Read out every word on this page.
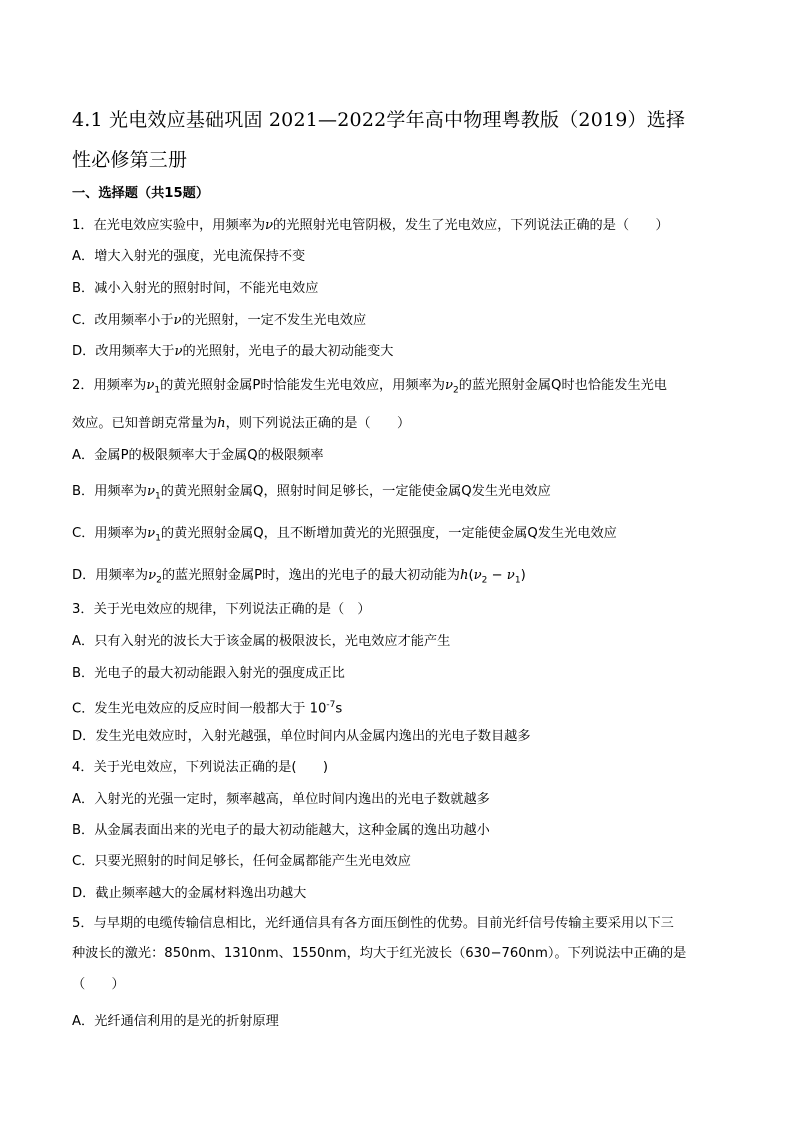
4.1 光电效应基础巩固 2021—2022学年高中物理粤教版（2019）选择
性必修第三册
一、选择题（共15题）
1．在光电效应实验中，用频率为ν的光照射光电管阴极，发生了光电效应，下列说法正确的是（　　）
A．增大入射光的强度，光电流保持不变
B．减小入射光的照射时间，不能光电效应
C．改用频率小于ν的光照射，一定不发生光电效应
D．改用频率大于ν的光照射，光电子的最大初动能变大
2．用频率为$\nu_1$的黄光照射金属P时恰能发生光电效应，用频率为$\nu_2$的蓝光照射金属Q时也恰能发生光电
效应。已知普朗克常量为h，则下列说法正确的是（　　）
A．金属P的极限频率大于金属Q的极限频率
B．用频率为$\nu_1$的黄光照射金属Q，照射时间足够长，一定能使金属Q发生光电效应
C．用频率为$\nu_1$的黄光照射金属Q，且不断增加黄光的光照强度，一定能使金属Q发生光电效应
D．用频率为$\nu_2$的蓝光照射金属P时，逸出的光电子的最大初动能为$h(\nu_2 - \nu_1)$
3．关于光电效应的规律，下列说法正确的是（　）
A．只有入射光的波长大于该金属的极限波长，光电效应才能产生
B．光电子的最大初动能跟入射光的强度成正比
C．发生光电效应的反应时间一般都大于 $10^{-7}s$
D．发生光电效应时，入射光越强，单位时间内从金属内逸出的光电子数目越多
4．关于光电效应，下列说法正确的是(　　)
A．入射光的光强一定时，频率越高，单位时间内逸出的光电子数就越多
B．从金属表面出来的光电子的最大初动能越大，这种金属的逸出功越小
C．只要光照射的时间足够长，任何金属都能产生光电效应
D．截止频率越大的金属材料逸出功越大
5．与早期的电缆传输信息相比，光纤通信具有各方面压倒性的优势。目前光纤信号传输主要采用以下三
种波长的激光：850nm、1310nm、1550nm，均大于红光波长（630−760nm）。下列说法中正确的是
（　　）
A．光纤通信利用的是光的折射原理
